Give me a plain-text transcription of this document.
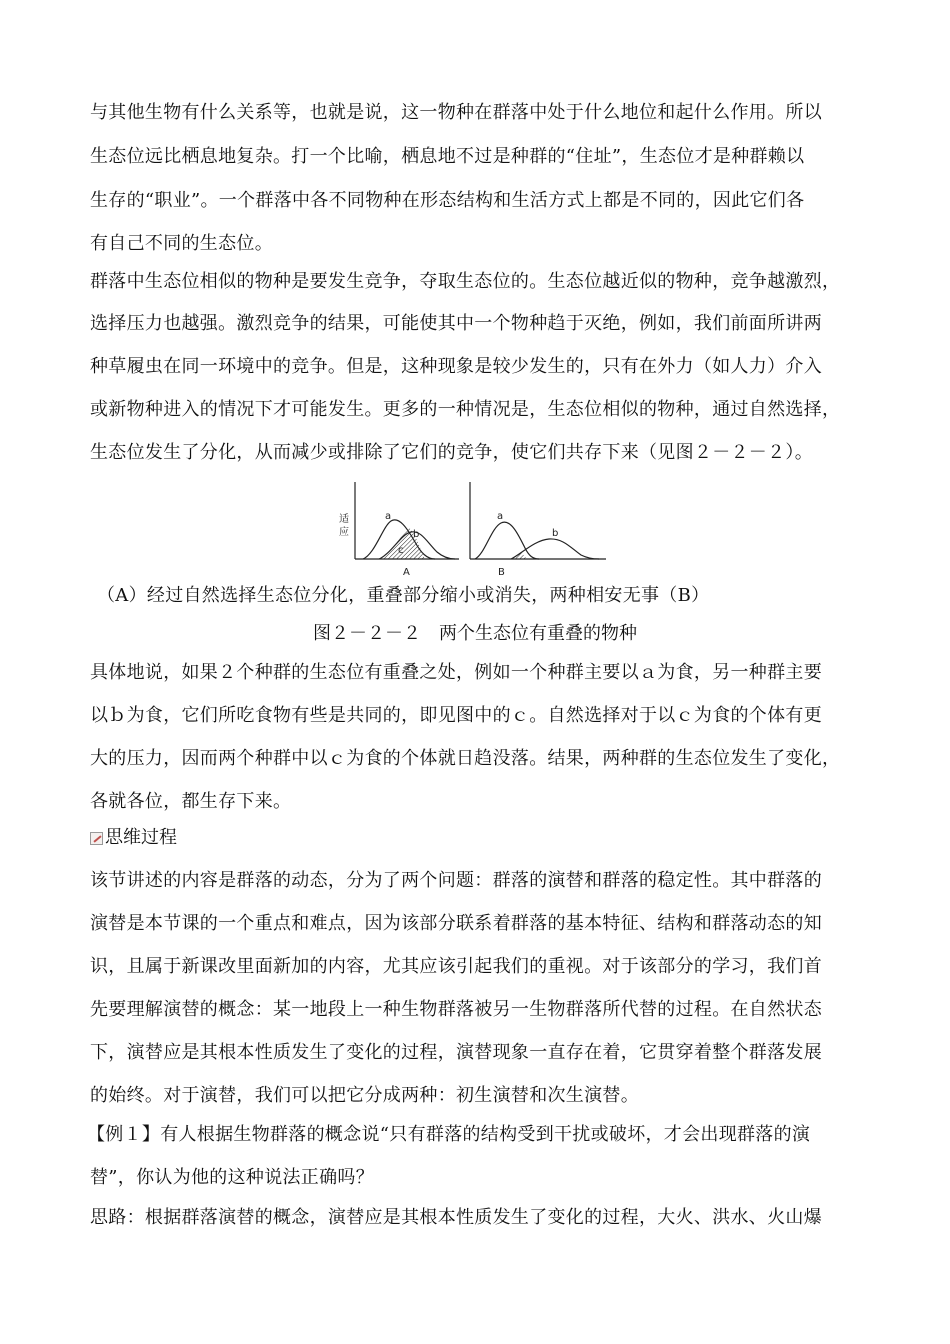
与其他生物有什么关系等，也就是说，这一物种在群落中处于什么地位和起什么作用。所以
生态位远比栖息地复杂。打一个比喻，栖息地不过是种群的“住址”，生态位才是种群赖以
生存的“职业”。一个群落中各不同物种在形态结构和生活方式上都是不同的，因此它们各
有自己不同的生态位。
群落中生态位相似的物种是要发生竞争，夺取生态位的。生态位越近似的物种，竞争越激烈，
选择压力也越强。激烈竞争的结果，可能使其中一个物种趋于灭绝，例如，我们前面所讲两
种草履虫在同一环境中的竞争。但是，这种现象是较少发生的，只有在外力（如人力）介入
或新物种进入的情况下才可能发生。更多的一种情况是，生态位相似的物种，通过自然选择，
生态位发生了分化，从而减少或排除了它们的竞争，使它们共存下来（见图２－２－２）。
适 应
a
b
c
A
a
b
B
（A）经过自然选择生态位分化，重叠部分缩小或消失，两种相安无事（B）
图２－２－２　两个生态位有重叠的物种
具体地说，如果２个种群的生态位有重叠之处，例如一个种群主要以ａ为食，另一种群主要
以ｂ为食，它们所吃食物有些是共同的，即见图中的ｃ。自然选择对于以ｃ为食的个体有更
大的压力，因而两个种群中以ｃ为食的个体就日趋没落。结果，两种群的生态位发生了变化，
各就各位，都生存下来。
思维过程
该节讲述的内容是群落的动态，分为了两个问题：群落的演替和群落的稳定性。其中群落的
演替是本节课的一个重点和难点，因为该部分联系着群落的基本特征、结构和群落动态的知
识，且属于新课改里面新加的内容，尤其应该引起我们的重视。对于该部分的学习，我们首
先要理解演替的概念：某一地段上一种生物群落被另一生物群落所代替的过程。在自然状态
下，演替应是其根本性质发生了变化的过程，演替现象一直存在着，它贯穿着整个群落发展
的始终。对于演替，我们可以把它分成两种：初生演替和次生演替。
【例１】有人根据生物群落的概念说“只有群落的结构受到干扰或破坏，才会出现群落的演
替”，你认为他的这种说法正确吗？
思路：根据群落演替的概念，演替应是其根本性质发生了变化的过程，大火、洪水、火山爆
